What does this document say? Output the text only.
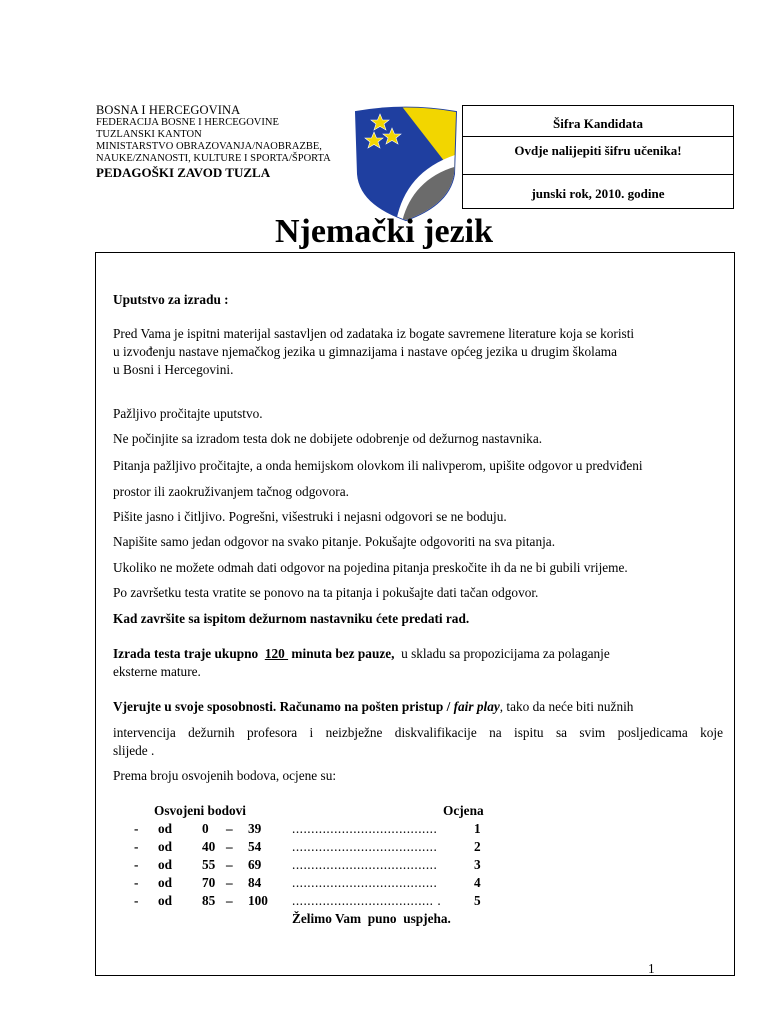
BOSNA I HERCEGOVINA
FEDERACIJA BOSNE I HERCEGOVINE
TUZLANSKI KANTON
MINISTARSTVO OBRAZOVANJA/NAOBRAZBE,
NAUKE/ZNANOSTI, KULTURE I SPORTA/ŠPORTA
PEDAGOŠKI ZAVOD TUZLA
Šifra Kandidata
Ovdje nalijepiti šifru učenika!
junski rok, 2010. godine
Njemački jezik
Uputstvo za izradu :
Pred Vama je ispitni materijal sastavljen od zadataka iz bogate savremene literature koja se koristi
u izvođenju nastave njemačkog jezika u gimnazijama i nastave općeg jezika u drugim školama
u Bosni i Hercegovini.
Pažljivo pročitajte uputstvo.
Ne počinjite sa izradom testa dok ne dobijete odobrenje od dežurnog nastavnika.
Pitanja pažljivo pročitajte, a onda hemijskom olovkom ili nalivperom, upišite odgovor u predviđeni
prostor ili zaokruživanjem tačnog odgovora.
Pišite jasno i čitljivo. Pogrešni, višestruki i nejasni odgovori se ne boduju.
Napišite samo jedan odgovor na svako pitanje. Pokušajte odgovoriti na sva pitanja.
Ukoliko ne možete odmah dati odgovor na pojedina pitanja preskočite ih da ne bi gubili vrijeme.
Po završetku testa vratite se ponovo na ta pitanja i pokušajte dati tačan odgovor.
Kad završite sa ispitom dežurnom nastavniku ćete predati rad.
Izrada testa traje ukupno  120  minuta bez pauze,  u skladu sa propozicijama za polaganje
eksterne mature.
Vjerujte u svoje sposobnosti. Računamo na pošten pristup / fair play, tako da neće biti nužnih
intervencija dežurnih profesora i neizbježne diskvalifikacije na ispitu sa svim posljedicama koje
slijede .
Prema broju osvojenih bodova, ocjene su:
Osvojeni bodovi	Ocjena
- od 0 – 39 ......................................	1
- od 40 – 54 ......................................	2
- od 55 – 69 ......................................	3
- od 70 – 84 ......................................	4
- od 85 – 100 ..................................... . 5
Želimo Vam  puno  uspjeha.
1
